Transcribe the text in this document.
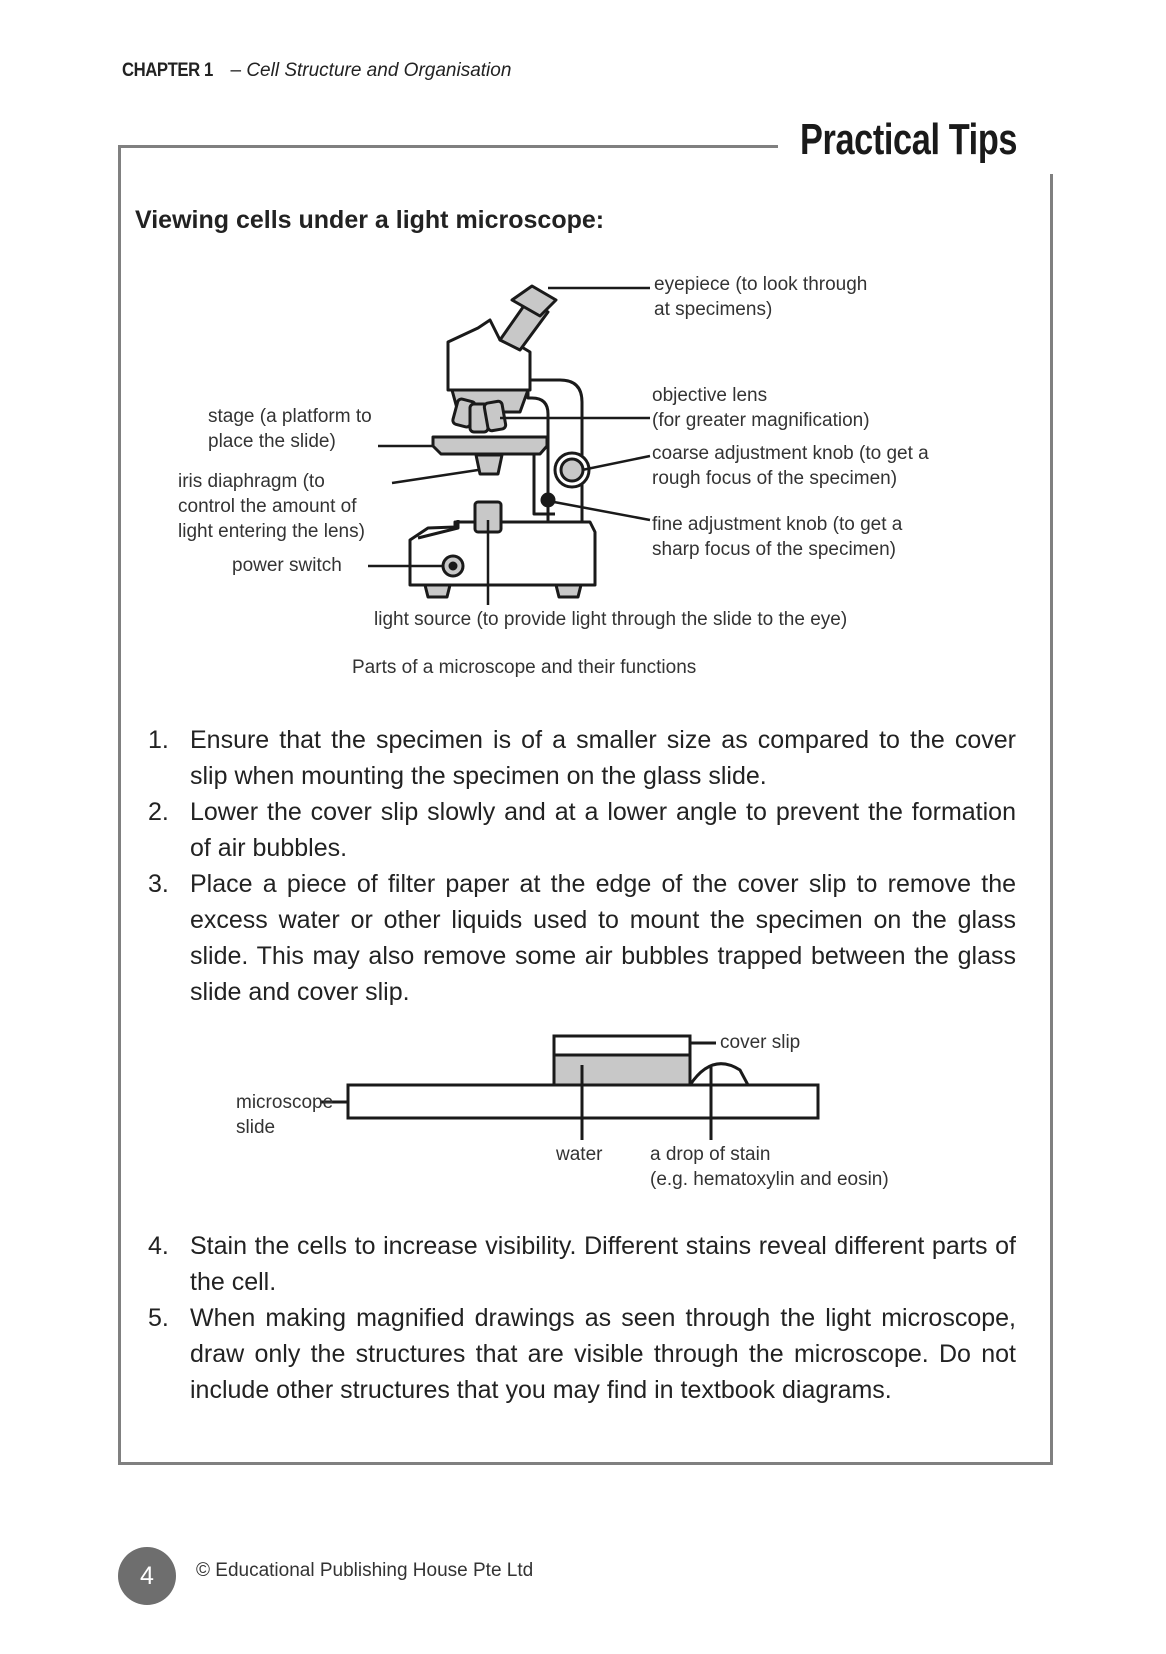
CHAPTER 1 – Cell Structure and Organisation
Practical Tips
Viewing cells under a light microscope:
eyepiece (to look through
at specimens)
objective lens
(for greater magnification)
coarse adjustment knob (to get a
rough focus of the specimen)
fine adjustment knob (to get a
sharp focus of the specimen)
stage (a platform to
place the slide)
iris diaphragm (to
control the amount of
light entering the lens)
power switch
light source (to provide light through the slide to the eye)
Parts of a microscope and their functions
1. Ensure that the specimen is of a smaller size as compared to the cover slip when mounting the specimen on the glass slide.
2. Lower the cover slip slowly and at a lower angle to prevent the formation of air bubbles.
3. Place a piece of filter paper at the edge of the cover slip to remove the excess water or other liquids used to mount the specimen on the glass slide. This may also remove some air bubbles trapped between the glass slide and cover slip.
cover slip
microscope
slide
water	a drop of stain
(e.g. hematoxylin and eosin)
4. Stain the cells to increase visibility. Different stains reveal different parts of the cell.
5. When making magnified drawings as seen through the light microscope, draw only the structures that are visible through the microscope. Do not include other structures that you may find in textbook diagrams.
4	© Educational Publishing House Pte Ltd
